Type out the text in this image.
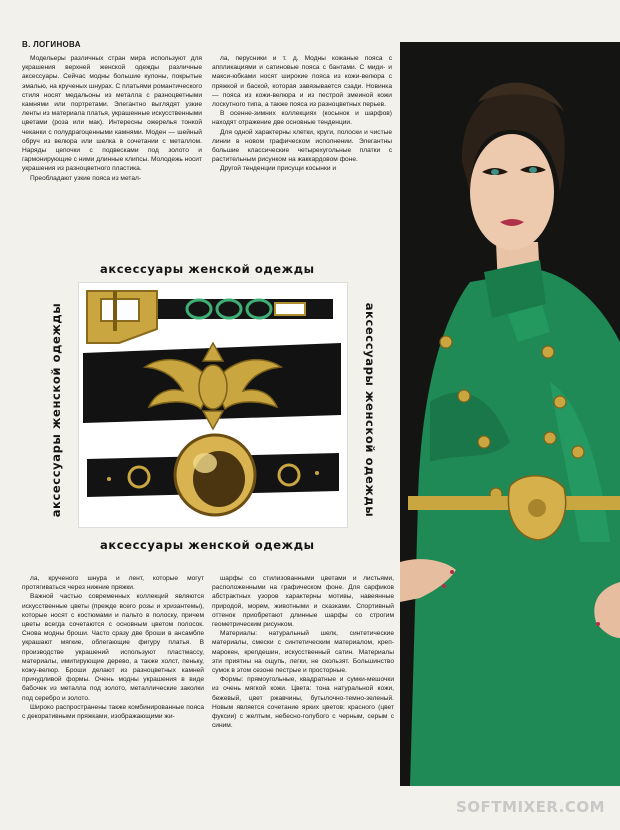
В. ЛОГИНОВА

Модельеры различных стран мира используют для украшения верхней женской одежды различные аксессуары. Сейчас модны большие кулоны, покрытые эмалью, на крученых шнурах. С платьями романтического стиля носят медальоны из металла с разноцветными камнями или портретами. Элегантно выглядят узкие ленты из материала платья, украшенные искусственными цветами (роза или мак). Интересны ожерелья тонкой чеканки с полудрагоценными камнями. Моден — шейный обруч из велюра или шелка в сочетании с металлом. Наряды цепочки с подвесками под золото и гармонирующие с ними длинные клипсы. Молодежь носит украшения из разноцветного пластика.

Преобладают узкие пояса из метал-

ла, перусники и т. д. Модны кожаные пояса с аппликациями и сатиновые пояса с бантами. С миди- и макси-юбками носят широкие пояса из кожи-велюра с пряжкой и баской, которая завязывается сзади. Новинка — пояса из кожи-велюра и из пестрой змеиной кожи лоскутного типа, а также пояса из разноцветных перьев.

В осенне-зимних коллекциях (косынок и шарфов) находят отражение две основные тенденции.

Для одной характерны клетки, круги, полоски и чистые линии в новом графическом исполнении. Элегантны большие классические четырехугольные платки с растительным рисунком на жаккардовом фоне.

Другой тенденции присущи косынки и

ла, крученого шнура и лент, которые могут протягиваться через нижние пряжки.

Важной частью современных коллекций являются искусственные цветы (прежде всего розы и хризантемы), которые носят с костюмами и пальто в полоску, причем цветы всегда сочетаются с основным цветом полосок. Снова модны броши. Часто сразу две броши в ансамбле украшают мягкие, облегающие фигуру платья. В производстве украшений используют пластмассу, материалы, имитирующие дерево, а также холст, пеньку, кожу-велюр. Броши делают из разноцветных камней причудливой формы. Очень модны украшения в виде бабочек из металла под золото, металлические заколки под серебро и золото.

Широко распространены также комбинированные пояса с декоративными пряжками, изображающими жи-

шарфы со стилизованными цветами и листьями, расположенными на графическом фоне. Для сарфиков абстрактных узоров характерны мотивы, навеянные природой, морем, животными и сказками. Спортивный оттенок приобретают длинные шарфы со строгим геометрическим рисунком.

Материалы: натуральный шелк, синтетические материалы, смески с синтетическим материалом, креп-марокен, крепдешин, искусственный сатин. Материалы эти приятны на ощупь, легки, не скользят. Большинство сумок в этом сезоне пестрые и просторные.

Формы: прямоугольные, квадратные и сумки-мешочки из очень мягкой кожи. Цвета: тона натуральной кожи, бежевый, цвет ржавчины, бутылочно-темно-зеленый. Новым является сочетание ярких цветов: красного (цвет фуксии) с желтым, небесно-голубого с черным, серым с синим.

аксессуары женской одежды
аксессуары женской одежды
аксессуары женской одежды	аксессуары женской одежды
SOFTMIXER.COM
